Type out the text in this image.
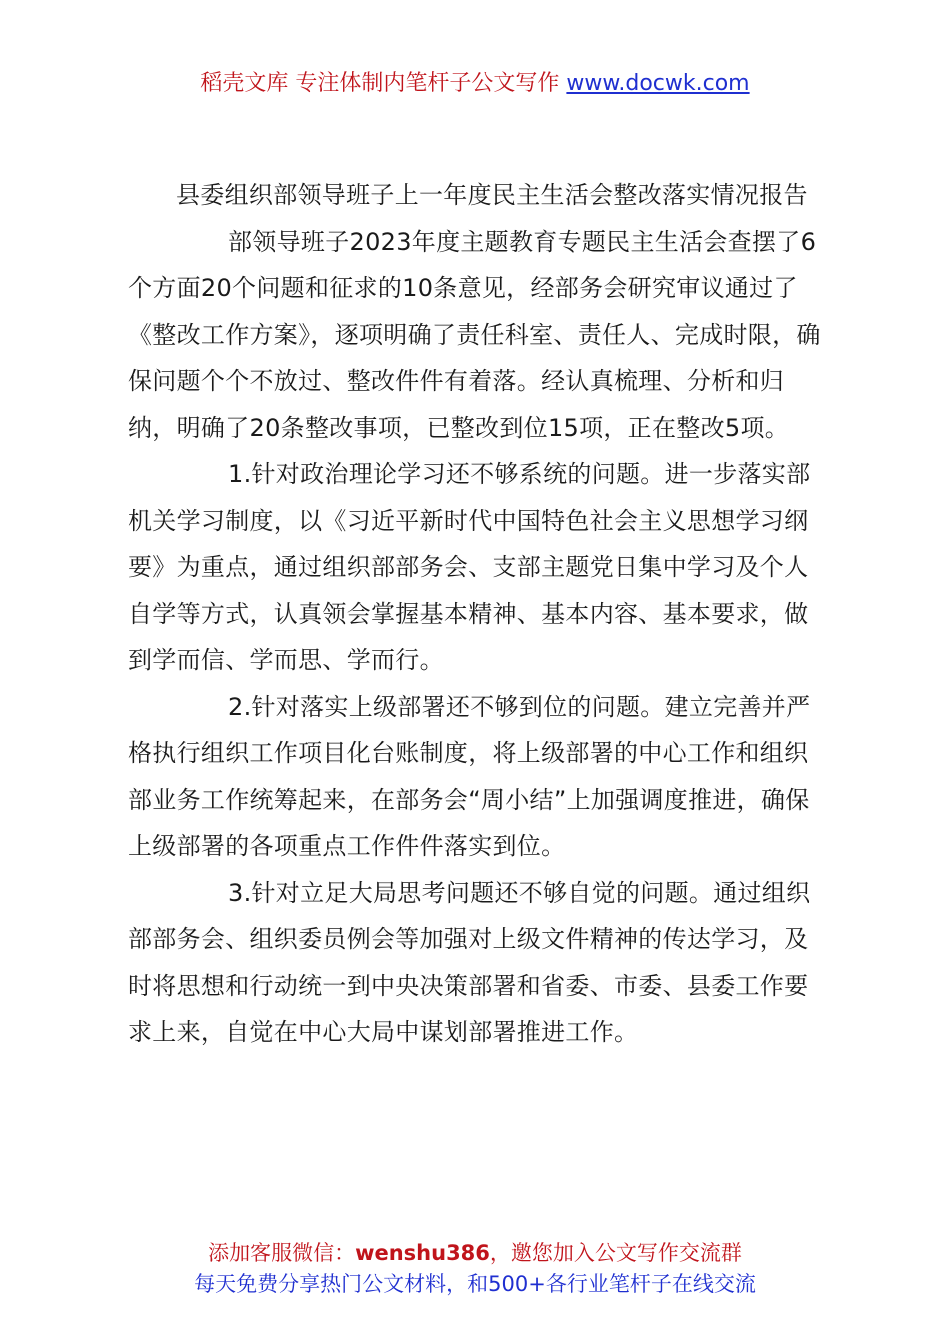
稻壳文库 专注体制内笔杆子公文写作 www.docwk.com

县委组织部领导班子上一年度民主生活会整改落实情况报告

部领导班子2023年度主题教育专题民主生活会查摆了6个方面20个问题和征求的10条意见，经部务会研究审议通过了《整改工作方案》，逐项明确了责任科室、责任人、完成时限，确保问题个个不放过、整改件件有着落。经认真梳理、分析和归纳，明确了20条整改事项，已整改到位15项，正在整改5项。

1.针对政治理论学习还不够系统的问题。进一步落实部机关学习制度，以《习近平新时代中国特色社会主义思想学习纲要》为重点，通过组织部部务会、支部主题党日集中学习及个人自学等方式，认真领会掌握基本精神、基本内容、基本要求，做到学而信、学而思、学而行。

2.针对落实上级部署还不够到位的问题。建立完善并严格执行组织工作项目化台账制度，将上级部署的中心工作和组织部业务工作统筹起来，在部务会“周小结”上加强调度推进，确保上级部署的各项重点工作件件落实到位。

3.针对立足大局思考问题还不够自觉的问题。通过组织部部务会、组织委员例会等加强对上级文件精神的传达学习，及时将思想和行动统一到中央决策部署和省委、市委、县委工作要求上来，自觉在中心大局中谋划部署推进工作。

添加客服微信：wenshu386，邀您加入公文写作交流群
每天免费分享热门公文材料，和500+各行业笔杆子在线交流
